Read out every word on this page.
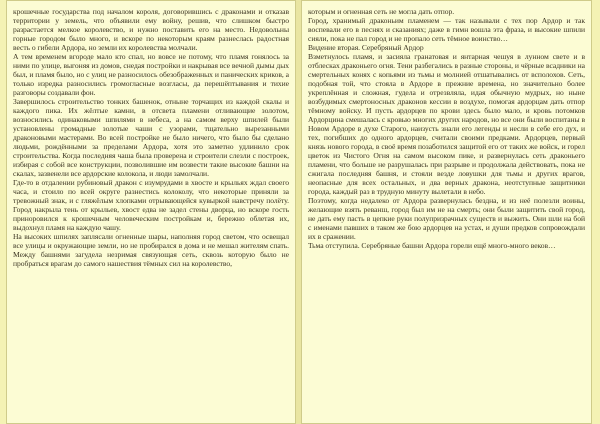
крошечные государства под началом короля, договорившись с драконами и отказав территории у земель, что объявили ему войну, решив, что слишком быстро разрастается мелкое королевство, и нужно поставить его на место. Недовольны горные городом было много, и вскоре по некоторым краям разнеслась радостная весть о гибели Ардора, но земли их королевства молчали.

А тем временем вгороде мало кто спал, но вовсе не потому, что пламя гонялось за ними по улице, выгоняя из домов, снедая постройки и накрывая все вечной дымы дых был, и пламя было, но с улиц не разносилось обезображенных и панических криков, а только изредка разносились громогласные возгласы, да перешёптывания и тихие разговоры создавали фон.

Завершилось строительство тонких башенок, отныне торчащих из каждой скалы и каждого пика. Их жёлтые камни, в отсвета пламени отливающие золотом, возносились одинаковыми шпилями в небеса, а на самом верху шпилей были установлены громадные золотые чаши с узорами, тщательно вырезанными драконовыми мастерами. Во всей постройке не было ничего, что было бы сделано людьми, рождёнными за пределами Ардора, хотя это заметно удлинило срок строительства. Когда последняя чаша была проверена и строители слезли с построек, избирая с собой все конструкции, позволившие им возвести такие высокие башни на скалах, зазвенели все ардорские колокола, и люди замолчали.

Где-то в отдалении рубиновый дракон с изумрудами в хвосте и крыльях ждал своего часа, и стоило по всей округе разнестись колоколу, что некоторые приняли за тревожный знак, и с гляжёлым хлопками отрывающейся кувыркой навстречу полёту. Город накрыла тень от крыльев, хвост едва не задел стены дворца, но вскоре гость приноровился к крошечным человеческим постройкам и, бережно облетая их, выдохнул пламя на каждую чашу.

На высоких шпилях заплясали огненные шары, наполняя город светом, что освещал все улицы и окружающие земли, но не пробирался в дома и не мешал жителям спать. Между башнями загудела незримая связующая сеть, сквозь которую было не пробраться врагам до самого нашествия тёмных сил на королевство,

которым и огненная сеть не могла дать отпор.

Город, хранимый драконьим пламенем — так называли с тех пор Ардор и так воспевали его в песнях и сказаниях; даже в гимн вошла эта фраза, и высокие шпили сияли, пока не пал город и не пропало сеть тёмное воинство…

Видение вторая. Серебряный Ардор

Взметнулось пламя, и засияла гранатовая и янтарная чешуя в лунном свете и в отблесках драконьего огня. Тени разбегались в разные стороны, и чёрные всадники на смертельных конях с копьями из тьмы и молнией отшатывались от всполохов. Сеть, подобная той, что стояла в Ардоре в прежние времена, но значительно более укреплённая и сложная, гудела и отрезвляла, идая обычную мудрых, но ныне возбудимых смертоносных драконов кессии в воздухе, помогая ардорцам дать отпор тёмному войску. И пусть ардорцев по крови здесь было мало, и кровь потомков Ардорцина смешалась с кровью многих других народов, но все они были воспитаны в Новом Ардоре в духе Старого, наизусть знали его легенды и несли в себе его дух, и тех, погибших до одного ардорцев, считали своими предками. Ардорцев, первый князь нового города, в своё время позаботился защитой его от таких же войск, и горел цветок из Чистого Огня на самом высоком пике, и развернулась сеть драконьего пламени, что больше не разрушалась при разрыве и продолжала действовать, пока не сжигала последняя башня, и стояли везде ловушки для тьмы и других врагов, неопасные для всех остальных, и два верных дракона, неотступные защитники города, каждый раз в трудную минуту вылетали в небо.

Поэтому, когда недалеко от Ардора развернулась бездна, и из неё полезли воины, желающие взять реванш, город был им не на смерть; они были защитить свой город, не дать ему пасть в цепкие руки полупризрачных существ и выжить. Они шли на бой с именами павших в таком же бою ардорцев на устах, и души предков сопровождали их в сражении.

Тьма отступила. Серебряные башни Ардора горели ещё много-много веков…
